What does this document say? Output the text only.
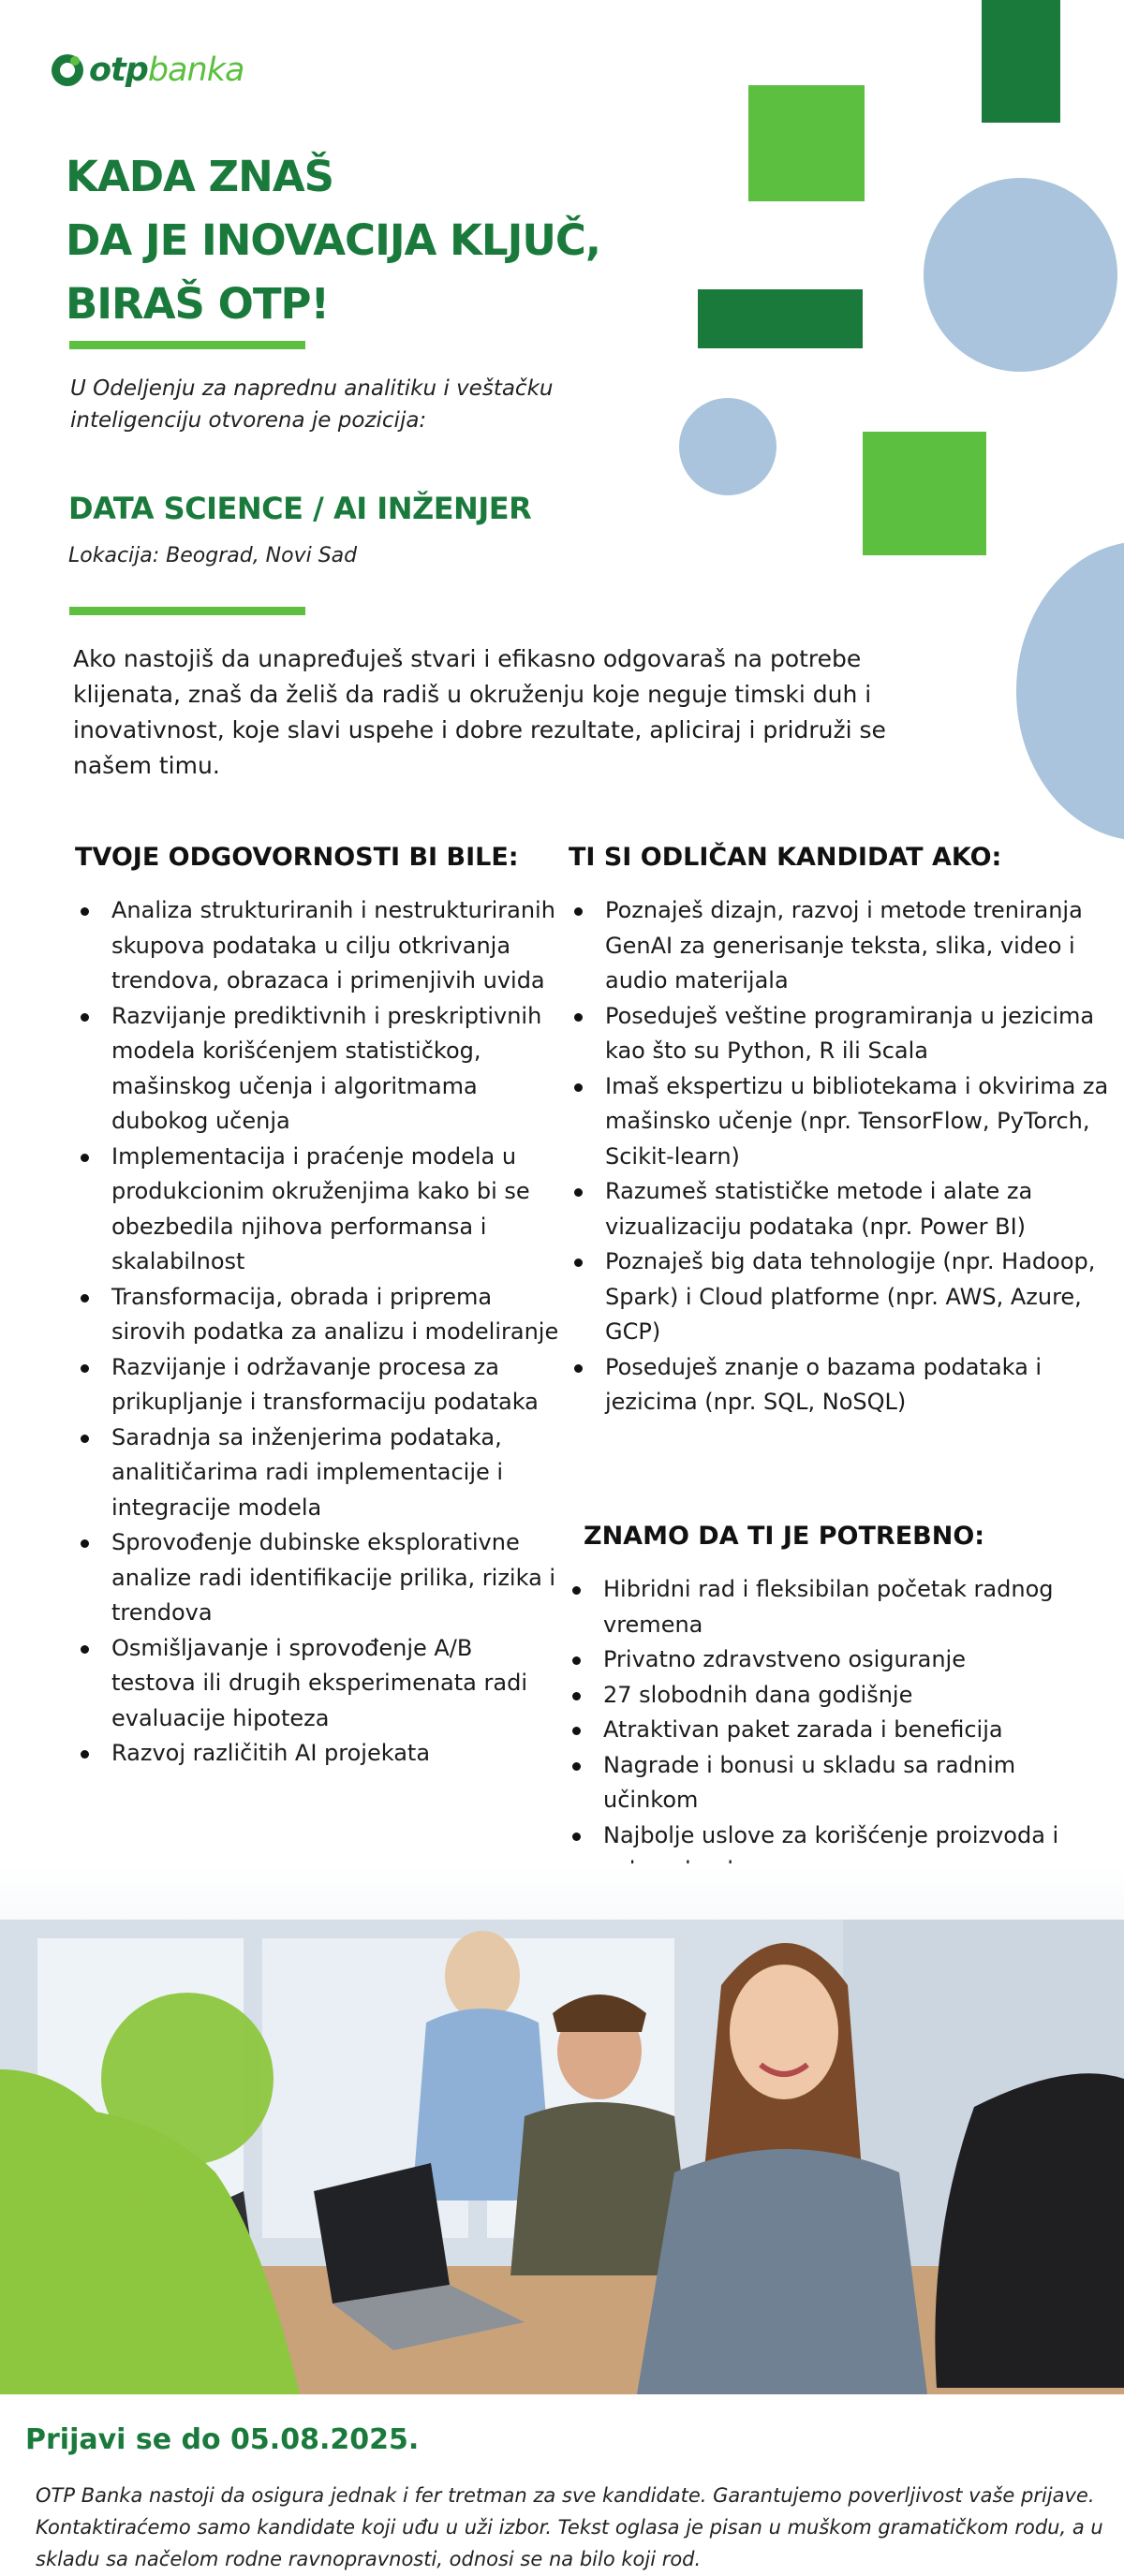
otpbanka
KADA ZNAŠ
DA JE INOVACIJA KLJUČ,
BIRAŠ OTP!
U Odeljenju za naprednu analitiku i veštačku inteligenciju otvorena je pozicija:
DATA SCIENCE / AI INŽENJER
Lokacija: Beograd, Novi Sad
Ako nastojiš da unapređuješ stvari i efikasno odgovaraš na potrebe klijenata, znaš da želiš da radiš u okruženju koje neguje timski duh i inovativnost, koje slavi uspehe i dobre rezultate, apliciraj i pridruži se našem timu.
TVOJE ODGOVORNOSTI BI BILE:
Analiza strukturiranih i nestrukturiranih skupova podataka u cilju otkrivanja trendova, obrazaca i primenjivih uvida
Razvijanje prediktivnih i preskriptivnih modela korišćenjem statističkog, mašinskog učenja i algoritmama dubokog učenja
Implementacija i praćenje modela u produkcionim okruženjima kako bi se obezbedila njihova performansa i skalabilnost
Transformacija, obrada i priprema sirovih podatka za analizu i modeliranje
Razvijanje i održavanje procesa za prikupljanje i transformaciju podataka
Saradnja sa inženjerima podataka, analitičarima radi implementacije i integracije modela
Sprovođenje dubinske eksplorativne analize radi identifikacije prilika, rizika i trendova
Osmišljavanje i sprovođenje A/B testova ili drugih eksperimenata radi evaluacije hipoteza
Razvoj različitih AI projekata
TI SI ODLIČAN KANDIDAT AKO:
Poznaješ dizajn, razvoj i metode treniranja GenAI za generisanje teksta, slika, video i audio materijala
Poseduješ veštine programiranja u jezicima kao što su Python, R ili Scala
Imaš ekspertizu u bibliotekama i okvirima za mašinsko učenje (npr. TensorFlow, PyTorch, Scikit-learn)
Razumeš statističke metode i alate za vizualizaciju podataka (npr. Power BI)
Poznaješ big data tehnologije (npr. Hadoop, Spark) i Cloud platforme (npr. AWS, Azure, GCP)
Poseduješ znanje o bazama podataka i jezicima (npr. SQL, NoSQL)
ZNAMO DA TI JE POTREBNO:
Hibridni rad i fleksibilan početak radnog vremena
Privatno zdravstveno osiguranje
27 slobodnih dana godišnje
Atraktivan paket zarada i beneficija
Nagrade i bonusi u skladu sa radnim učinkom
Najbolje uslove za korišćenje proizvoda i
Prijavi se do 05.08.2025.
OTP Banka nastoji da osigura jednak i fer tretman za sve kandidate. Garantujemo poverljivost vaše prijave. Kontaktiraćemo samo kandidate koji uđu u uži izbor. Tekst oglasa je pisan u muškom gramatičkom rodu, a u skladu sa načelom rodne ravnopravnosti, odnosi se na bilo koji rod.
